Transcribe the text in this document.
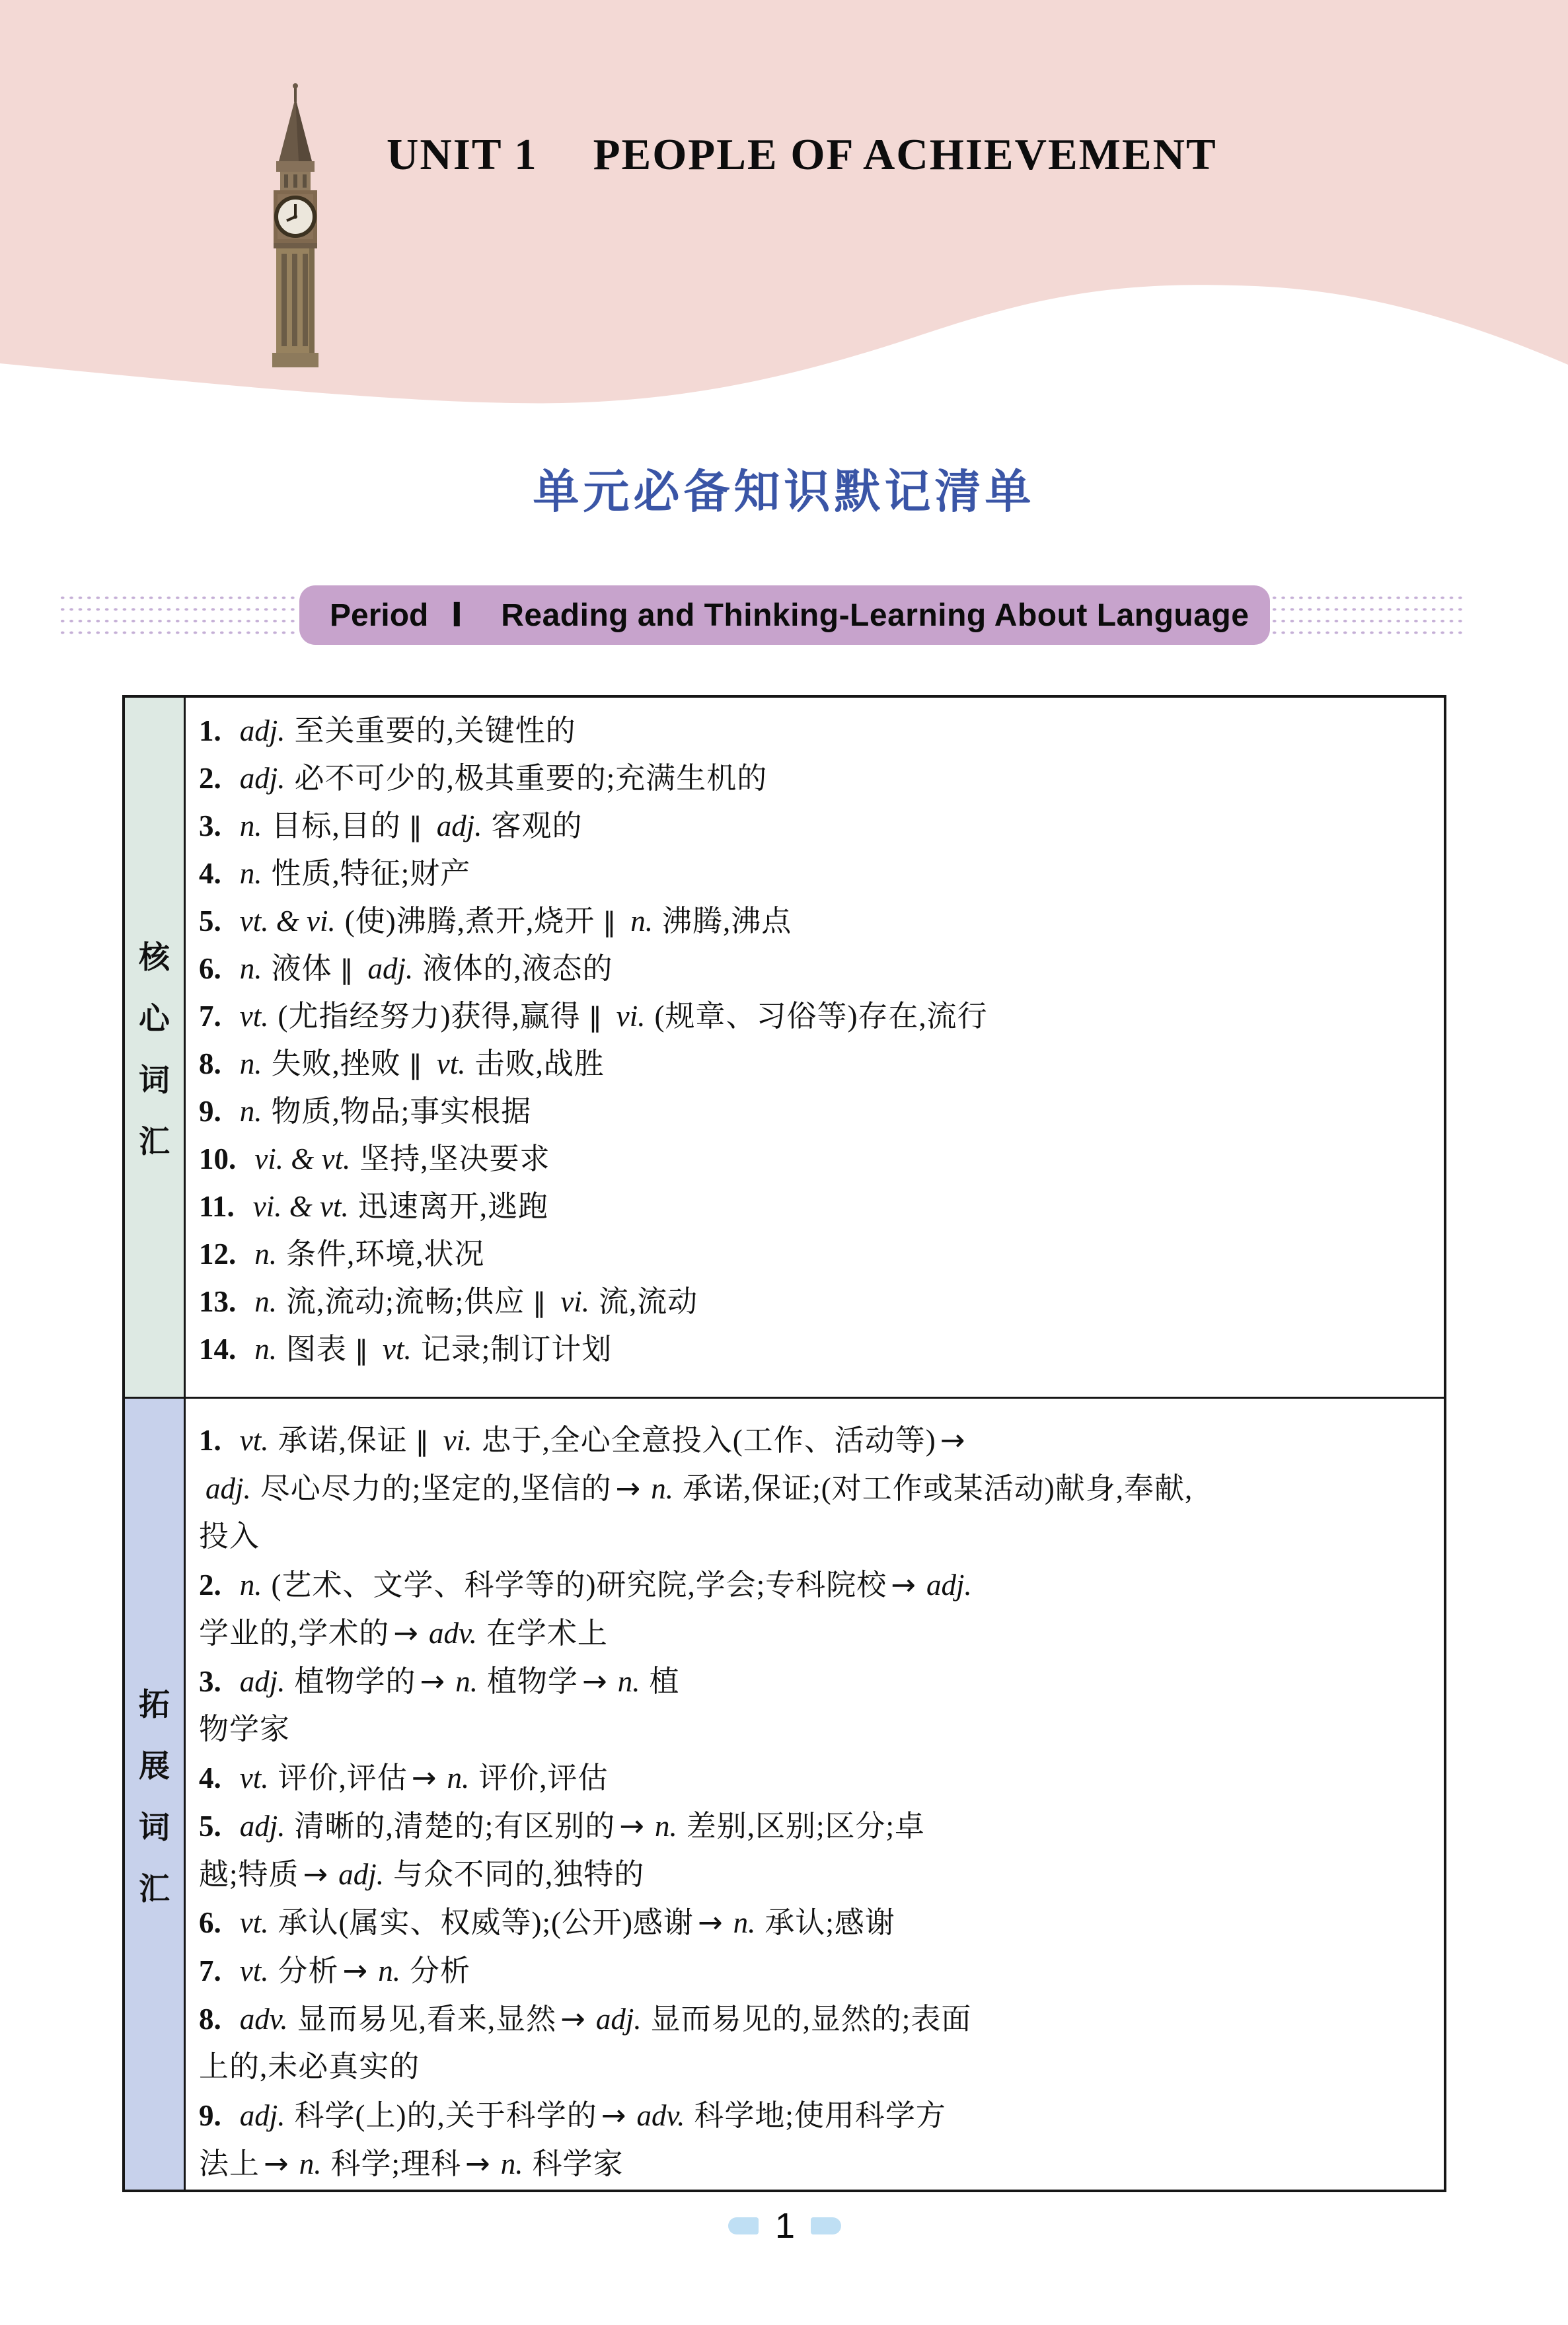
UNIT 1 PEOPLE OF ACHIEVEMENT
单元必备知识默记清单
Period Ⅰ Reading and Thinking-Learning About Language
核
心
词
汇
1. adj. 至关重要的,关键性的
2. adj. 必不可少的,极其重要的;充满生机的
3. n. 目标,目的 ‖ adj. 客观的
4. n. 性质,特征;财产
5. vt. & vi. (使)沸腾,煮开,烧开 ‖ n. 沸腾,沸点
6. n. 液体 ‖ adj. 液体的,液态的
7. vt. (尤指经努力)获得,赢得 ‖ vi. (规章、习俗等)存在,流行
8. n. 失败,挫败 ‖ vt. 击败,战胜
9. n. 物质,物品;事实根据
10. vi. & vt. 坚持,坚决要求
11. vi. & vt. 迅速离开,逃跑
12. n. 条件,环境,状况
13. n. 流,流动;流畅;供应 ‖ vi. 流,流动
14. n. 图表 ‖ vt. 记录;制订计划
拓
展
词
汇
1. vt. 承诺,保证 ‖ vi. 忠于,全心全意投入(工作、活动等) →
adj. 尽心尽力的;坚定的,坚信的 → n. 承诺,保证;(对工作或某活动)献身,奉献,
投入
2. n. (艺术、文学、科学等的)研究院,学会;专科院校 → adj.
学业的,学术的 → adv. 在学术上
3. adj. 植物学的 → n. 植物学 → n. 植
物学家
4. vt. 评价,评估 → n. 评价,评估
5. adj. 清晰的,清楚的;有区别的 → n. 差别,区别;区分;卓
越;特质 → adj. 与众不同的,独特的
6. vt. 承认(属实、权威等);(公开)感谢 → n. 承认;感谢
7. vt. 分析 → n. 分析
8. adv. 显而易见,看来,显然 → adj. 显而易见的,显然的;表面
上的,未必真实的
9. adj. 科学(上)的,关于科学的 → adv. 科学地;使用科学方
法上 → n. 科学;理科 → n. 科学家
1
